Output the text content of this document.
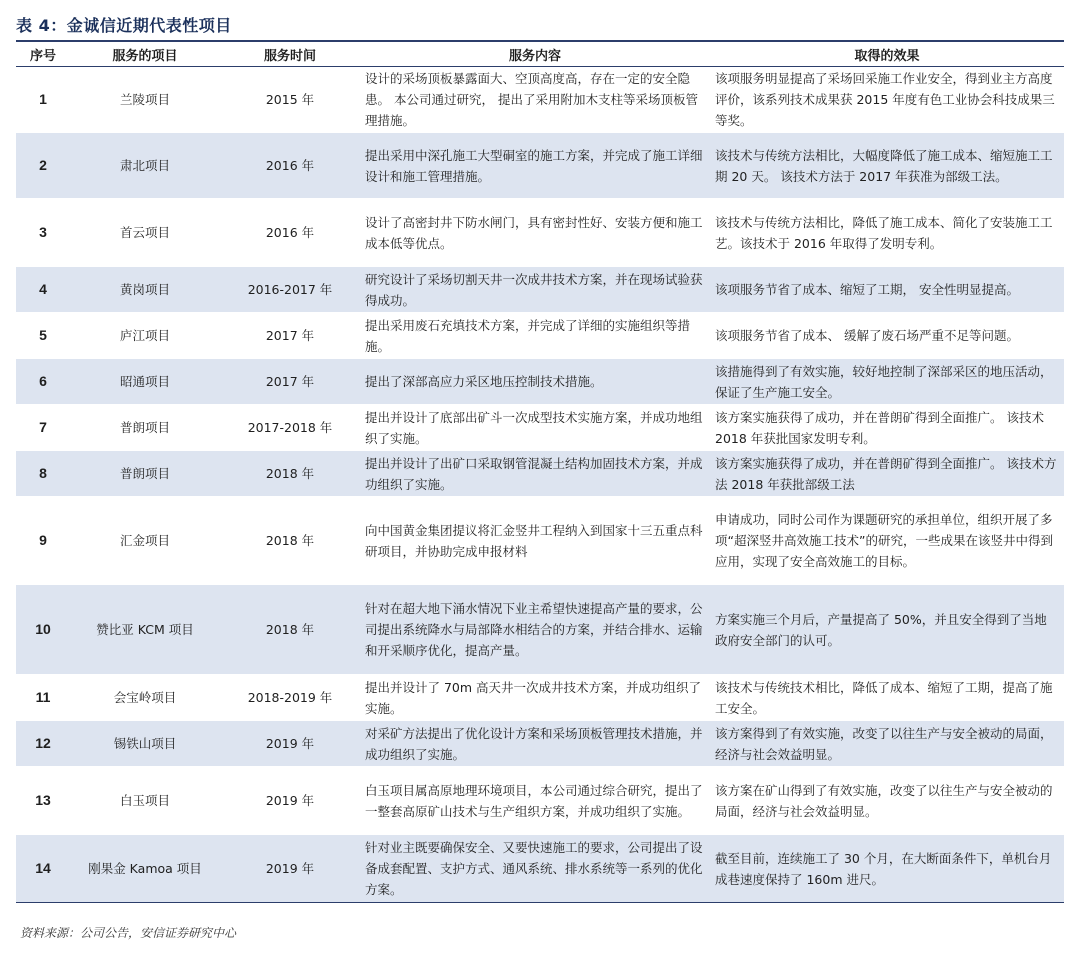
表 4：金诚信近期代表性项目
序号	服务的项目	服务时间	服务内容	取得的效果
1	兰陵项目	2015 年	设计的采场顶板暴露面大、空顶高度高，存在一定的安全隐患。 本公司通过研究， 提出了采用附加木支柱等采场顶板管理措施。	该项服务明显提高了采场回采施工作业安全，得到业主方高度评价，该系列技术成果获 2015 年度有色工业协会科技成果三等奖。
2	肃北项目	2016 年	提出采用中深孔施工大型硐室的施工方案，并完成了施工详细设计和施工管理措施。	该技术与传统方法相比，大幅度降低了施工成本、缩短施工工期 20 天。 该技术方法于 2017 年获准为部级工法。
3	首云项目	2016 年	设计了高密封井下防水闸门，具有密封性好、安装方便和施工成本低等优点。	该技术与传统方法相比，降低了施工成本、简化了安装施工工艺。该技术于 2016 年取得了发明专利。
4	黄岗项目	2016-2017 年	研究设计了采场切割天井一次成井技术方案，并在现场试验获得成功。	该项服务节省了成本、缩短了工期， 安全性明显提高。
5	庐江项目	2017 年	提出采用废石充填技术方案，并完成了详细的实施组织等措施。	该项服务节省了成本、 缓解了废石场严重不足等问题。
6	昭通项目	2017 年	提出了深部高应力采区地压控制技术措施。	该措施得到了有效实施，较好地控制了深部采区的地压活动，保证了生产施工安全。
7	普朗项目	2017-2018 年	提出并设计了底部出矿斗一次成型技术实施方案，并成功地组织了实施。	该方案实施获得了成功，并在普朗矿得到全面推广。 该技术 2018 年获批国家发明专利。
8	普朗项目	2018 年	提出并设计了出矿口采取钢管混凝土结构加固技术方案，并成功组织了实施。	该方案实施获得了成功，并在普朗矿得到全面推广。 该技术方法 2018 年获批部级工法
9	汇金项目	2018 年	向中国黄金集团提议将汇金竖井工程纳入到国家十三五重点科研项目，并协助完成申报材料	申请成功，同时公司作为课题研究的承担单位，组织开展了多项“超深竖井高效施工技术”的研究，一些成果在该竖井中得到应用，实现了安全高效施工的目标。
10	赞比亚 KCM 项目	2018 年	针对在超大地下涌水情况下业主希望快速提高产量的要求，公司提出系统降水与局部降水相结合的方案，并结合排水、运输和开采顺序优化，提高产量。	方案实施三个月后，产量提高了 50%，并且安全得到了当地政府安全部门的认可。
11	会宝岭项目	2018-2019 年	提出并设计了 70m 高天井一次成井技术方案，并成功组织了实施。	该技术与传统技术相比，降低了成本、缩短了工期，提高了施工安全。
12	锡铁山项目	2019 年	对采矿方法提出了优化设计方案和采场顶板管理技术措施，并成功组织了实施。	该方案得到了有效实施，改变了以往生产与安全被动的局面，经济与社会效益明显。
13	白玉项目	2019 年	白玉项目属高原地理环境项目，本公司通过综合研究，提出了一整套高原矿山技术与生产组织方案，并成功组织了实施。	该方案在矿山得到了有效实施，改变了以往生产与安全被动的局面，经济与社会效益明显。
14	刚果金 Kamoa 项目	2019 年	针对业主既要确保安全、又要快速施工的要求，公司提出了设备成套配置、支护方式、通风系统、排水系统等一系列的优化方案。	截至目前，连续施工了 30 个月，在大断面条件下，单机台月成巷速度保持了 160m 进尺。
资料来源：公司公告，安信证券研究中心
